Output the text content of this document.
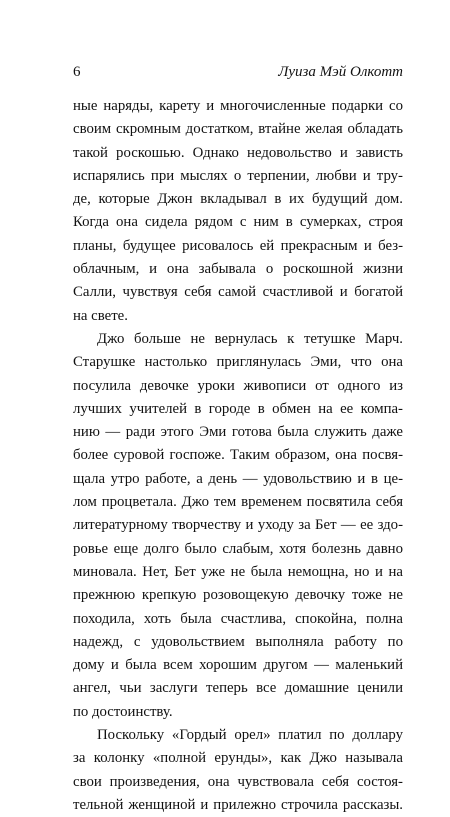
6	Луиза Мэй Олкотт

ные наряды, карету и многочисленные подарки со
своим скромным достатком, втайне желая обладать
такой роскошью. Однако недовольство и зависть
испарялись при мыслях о терпении, любви и тру-
де, которые Джон вкладывал в их будущий дом.
Когда она сидела рядом с ним в сумерках, строя
планы, будущее рисовалось ей прекрасным и без-
облачным, и она забывала о роскошной жизни
Салли, чувствуя себя самой счастливой и богатой
на свете.

Джо больше не вернулась к тетушке Марч.
Старушке настолько приглянулась Эми, что она
посулила девочке уроки живописи от одного из
лучших учителей в городе в обмен на ее компа-
нию — ради этого Эми готова была служить даже
более суровой госпоже. Таким образом, она посвя-
щала утро работе, а день — удовольствию и в це-
лом процветала. Джо тем временем посвятила себя
литературному творчеству и уходу за Бет — ее здо-
ровье еще долго было слабым, хотя болезнь давно
миновала. Нет, Бет уже не была немощна, но и на
прежнюю крепкую розовощекую девочку тоже не
походила, хоть была счастлива, спокойна, полна
надежд, с удовольствием выполняла работу по
дому и была всем хорошим другом — маленький
ангел, чьи заслуги теперь все домашние ценили
по достоинству.

Поскольку «Гордый орел» платил по доллару
за колонку «полной ерунды», как Джо называла
свои произведения, она чувствовала себя состоя-
тельной женщиной и прилежно строчила рассказы.
